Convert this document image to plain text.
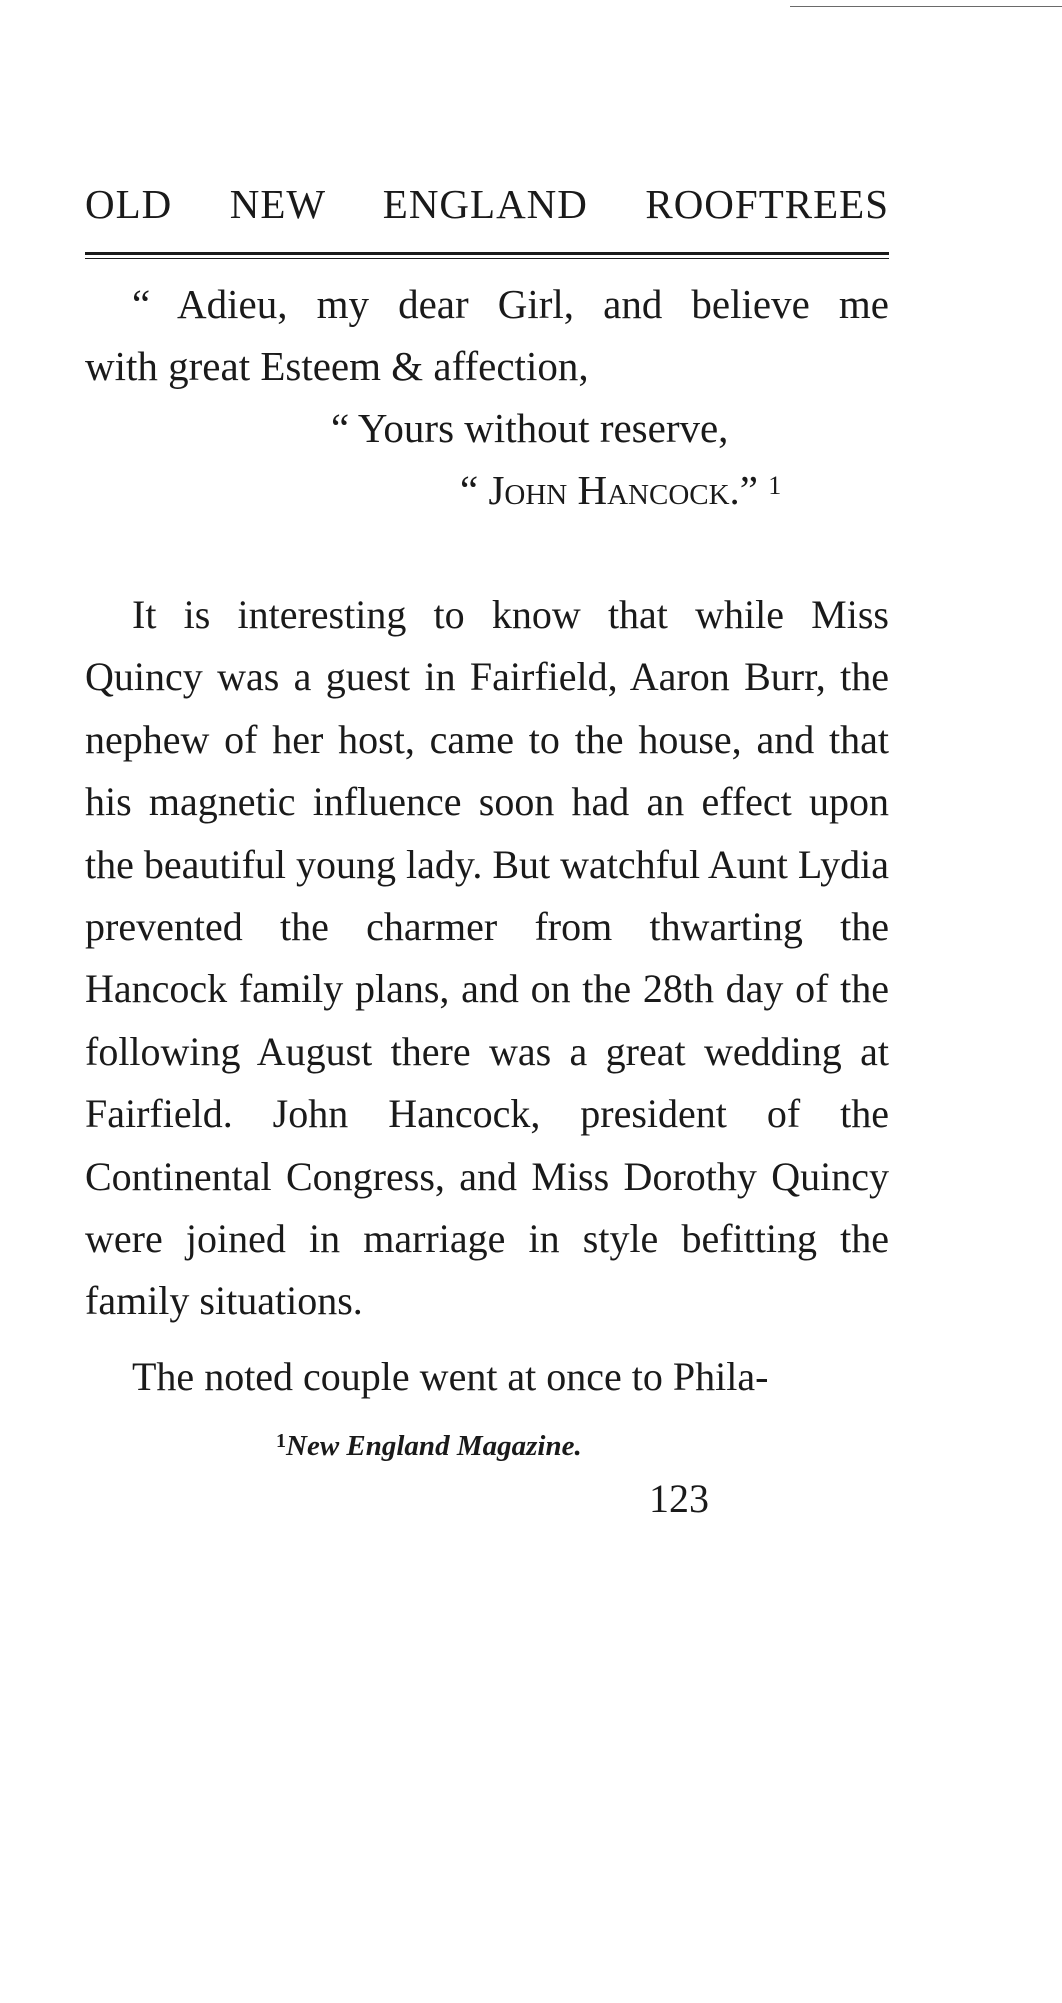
OLD NEW ENGLAND ROOFTREES

“ Adieu, my dear Girl, and believe me

with great Esteem & affection,

“ Yours without reserve,

“ John Hancock.” $^1$

It is interesting to know that while Miss Quincy was a guest in Fairfield, Aaron Burr, the nephew of her host, came to the house, and that his magnetic influence soon had an effect upon the beautiful young lady. But watchful Aunt Lydia prevented the charmer from thwarting the Hancock family plans, and on the 28th day of the following August there was a great wedding at Fairfield. John Hancock, president of the Continental Congress, and Miss Dorothy Quincy were joined in marriage in style befitting the family situations.

The noted couple went at once to Phila-

$^1$New England Magazine.
123
